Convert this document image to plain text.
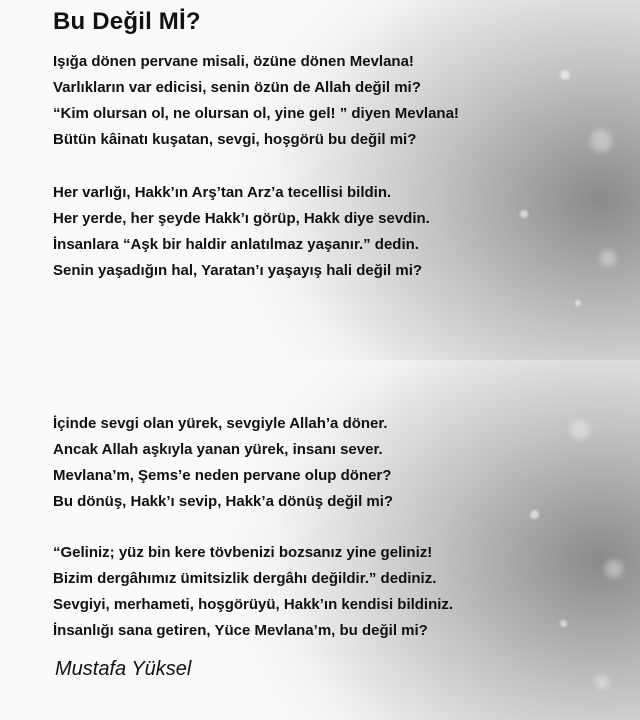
Bu Değil Mİ?
Işığa dönen pervane misali, özüne dönen Mevlana!
Varlıkların var edicisi, senin özün de Allah değil mi?
“Kim olursan ol, ne olursan ol, yine gel! ” diyen Mevlana!
Bütün kâinatı kuşatan, sevgi, hoşgörü bu değil mi?
Her varlığı, Hakk’ın Arş’tan Arz’a tecellisi bildin.
Her yerde, her şeyde Hakk’ı görüp, Hakk diye sevdin.
İnsanlara “Aşk bir haldir anlatılmaz yaşanır.” dedin.
Senin yaşadığın hal, Yaratan’ı yaşayış hali değil mi?
İçinde sevgi olan yürek, sevgiyle Allah’a döner.
Ancak Allah aşkıyla yanan yürek, insanı sever.
Mevlana’m, Şems’e neden pervane olup döner?
Bu dönüş, Hakk’ı sevip, Hakk’a dönüş değil mi?
“Geliniz; yüz bin kere tövbenizi bozsanız yine geliniz!
Bizim dergâhımız ümitsizlik dergâhı değildir.” dediniz.
Sevgiyi, merhameti, hoşgörüyü, Hakk’ın kendisi bildiniz.
İnsanlığı sana getiren, Yüce Mevlana’m, bu değil mi?
Mustafa Yüksel
